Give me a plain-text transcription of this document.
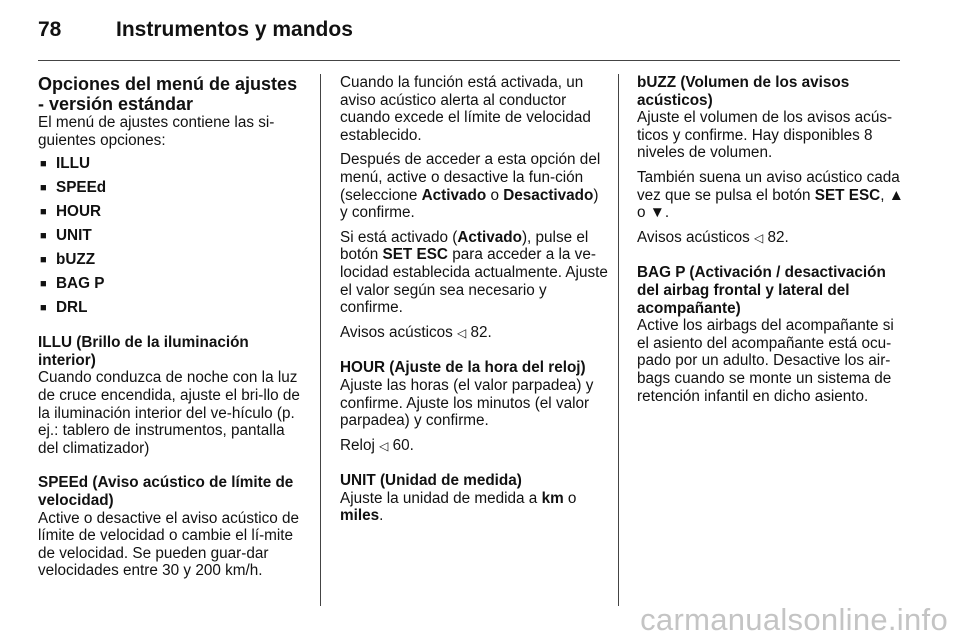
78	Instrumentos y mandos
Opciones del menú de ajustes - versión estándar

El menú de ajustes contiene las si-guientes opciones:

■ ILLU
■ SPEEd
■ HOUR
■ UNIT
■ bUZZ
■ BAG P
■ DRL
ILLU (Brillo de la iluminación interior)

Cuando conduzca de noche con la luz de cruce encendida, ajuste el bri-llo de la iluminación interior del ve-hículo (p. ej.: tablero de instrumentos, pantalla del climatizador)

SPEEd (Aviso acústico de límite de velocidad)

Active o desactive el aviso acústico de límite de velocidad o cambie el lí-mite de velocidad. Se pueden guar-dar velocidades entre 30 y 200 km/h.

Cuando la función está activada, un aviso acústico alerta al conductor cuando excede el límite de velocidad establecido.

Después de acceder a esta opción del menú, active o desactive la fun-ción (seleccione Activado o Desactivado) y confirme.

Si está activado (Activado), pulse el botón SET ESC para acceder a la ve-locidad establecida actualmente. Ajuste el valor según sea necesario y confirme.

Avisos acústicos ◁ 82.

HOUR (Ajuste de la hora del reloj)

Ajuste las horas (el valor parpadea) y confirme. Ajuste los minutos (el valor parpadea) y confirme.

Reloj ◁ 60.

UNIT (Unidad de medida)

Ajuste la unidad de medida a km o miles.

bUZZ (Volumen de los avisos acústicos)

Ajuste el volumen de los avisos acús-ticos y confirme. Hay disponibles 8 niveles de volumen.

También suena un aviso acústico cada vez que se pulsa el botón SET ESC, ▲ o ▼.

Avisos acústicos ◁ 82.

BAG P (Activación / desactivación del airbag frontal y lateral del acompañante)

Active los airbags del acompañante si el asiento del acompañante está ocu-pado por un adulto. Desactive los air-bags cuando se monte un sistema de retención infantil en dicho asiento.

carmanualsonline.info
